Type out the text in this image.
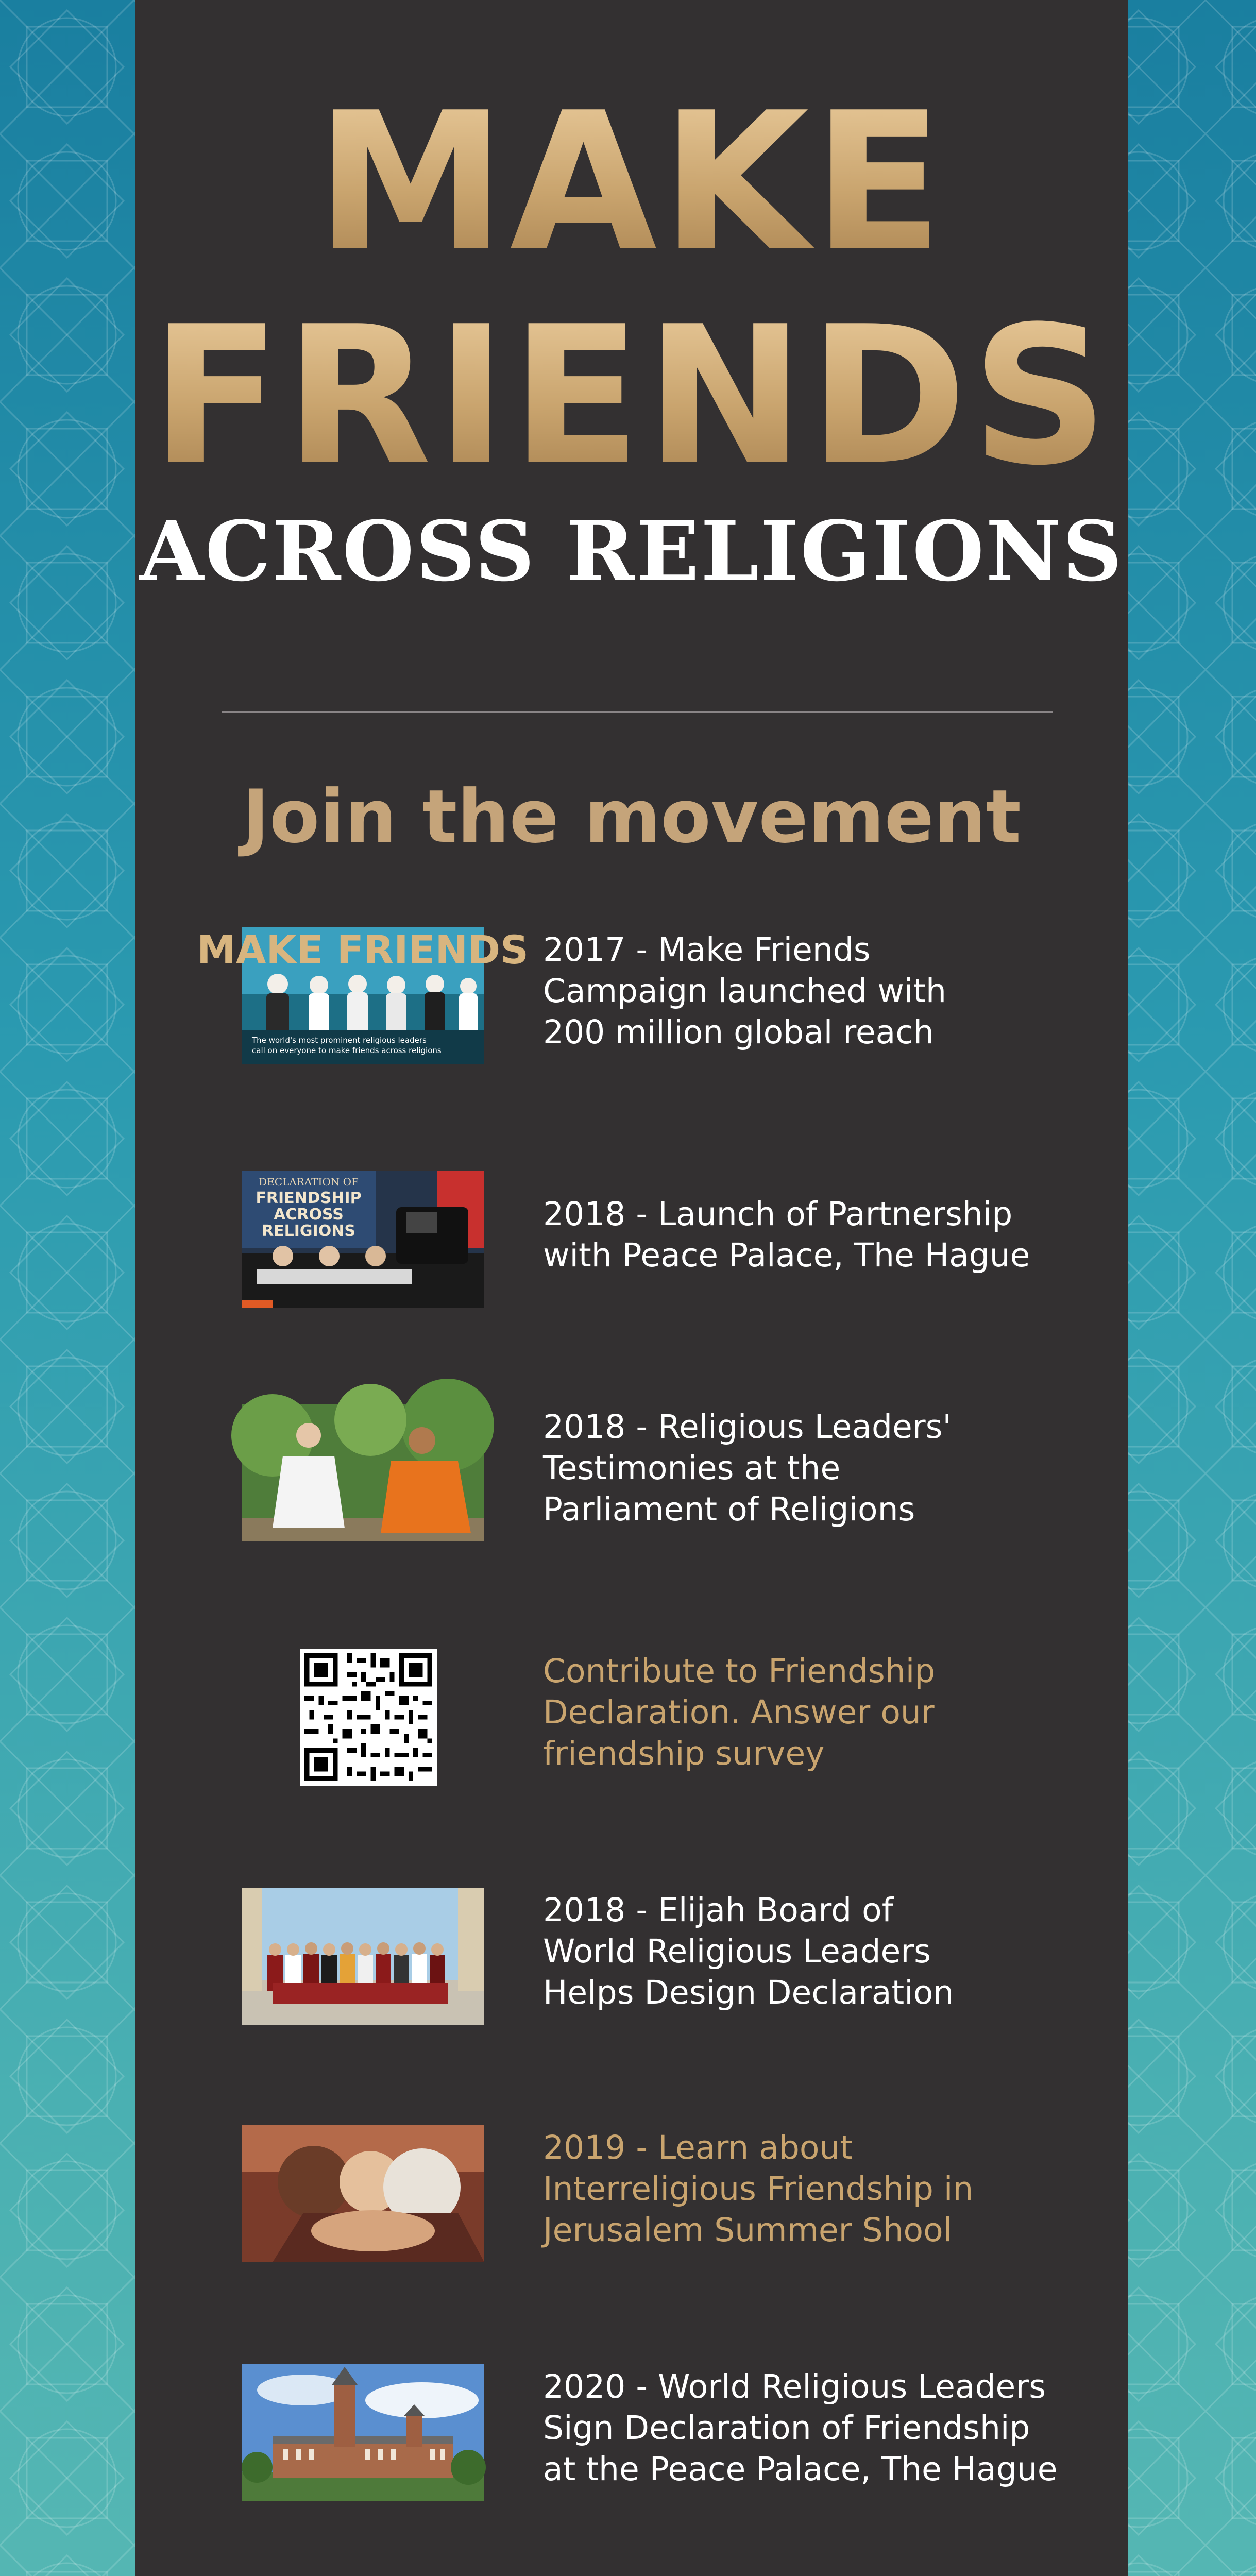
MAKE
FRIENDS
ACROSS RELIGIONS
Join the movement
MAKE FRIENDS
The world's most prominent religious leaders
call on everyone to make friends across religions

2017 - Make Friends
Campaign launched with
200 million global reach

DECLARATION OF
FRIENDSHIP
ACROSS
RELIGIONS	2018 - Launch of Partnership
with Peace Palace, The Hague

2018 - Religious Leaders'
Testimonies at the
Parliament of Religions

Contribute to Friendship
Declaration. Answer our
friendship survey

2018 - Elijah Board of
World Religious Leaders
Helps Design Declaration

2019 - Learn about
Interreligious Friendship in
Jerusalem Summer Shool

2020 - World Religious Leaders
Sign Declaration of Friendship
at the Peace Palace, The Hague
